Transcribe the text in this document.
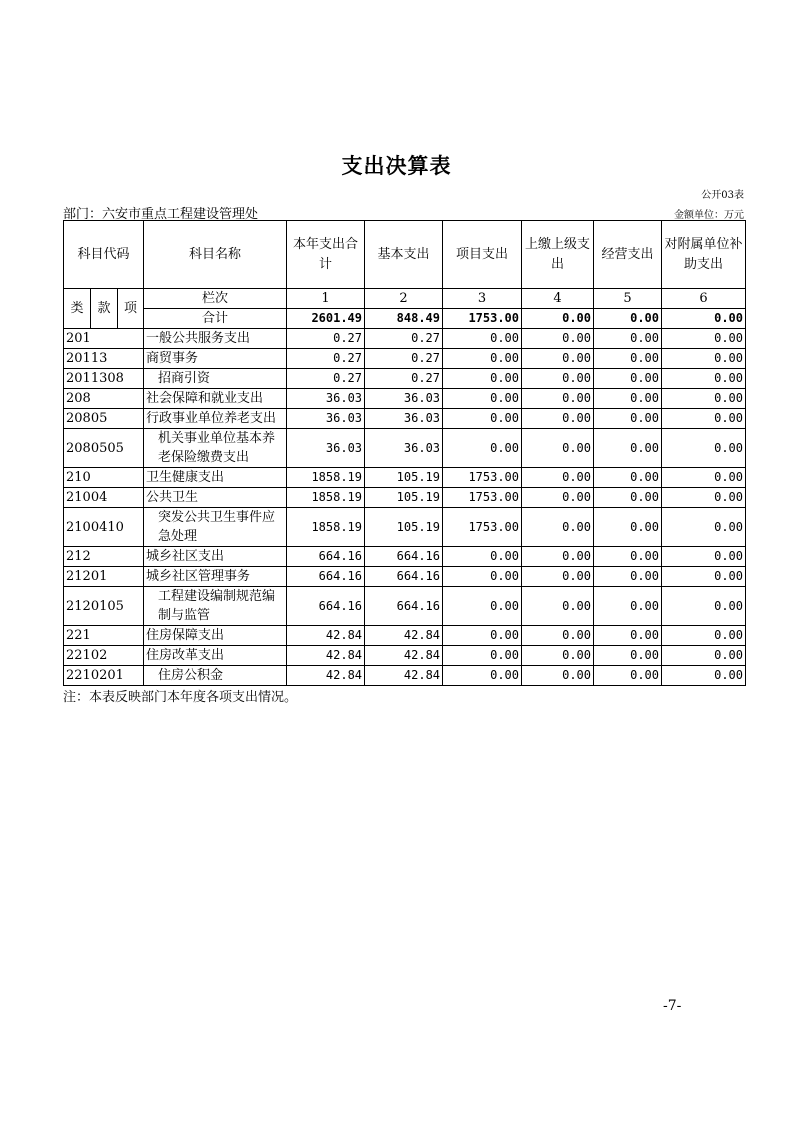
支出决算表
公开03表
部门：六安市重点工程建设管理处	金额单位：万元
科目代码			科目名称	本年支出合计	基本支出	项目支出	上缴上级支出	经营支出	对附属单位补助支出
类	款	项	栏次	1	2	3	4	5	6
			合计	2601.49	848.49	1753.00	0.00	0.00	0.00
201			一般公共服务支出	0.27	0.27	0.00	0.00	0.00	0.00
20113			商贸事务	0.27	0.27	0.00	0.00	0.00	0.00
2011308			招商引资	0.27	0.27	0.00	0.00	0.00	0.00
208			社会保障和就业支出	36.03	36.03	0.00	0.00	0.00	0.00
20805			行政事业单位养老支出	36.03	36.03	0.00	0.00	0.00	0.00
2080505			机关事业单位基本养老保险缴费支出	36.03	36.03	0.00	0.00	0.00	0.00
210			卫生健康支出	1858.19	105.19	1753.00	0.00	0.00	0.00
21004			公共卫生	1858.19	105.19	1753.00	0.00	0.00	0.00
2100410			突发公共卫生事件应急处理	1858.19	105.19	1753.00	0.00	0.00	0.00
212			城乡社区支出	664.16	664.16	0.00	0.00	0.00	0.00
21201			城乡社区管理事务	664.16	664.16	0.00	0.00	0.00	0.00
2120105			工程建设编制规范编制与监管	664.16	664.16	0.00	0.00	0.00	0.00
221			住房保障支出	42.84	42.84	0.00	0.00	0.00	0.00
22102			住房改革支出	42.84	42.84	0.00	0.00	0.00	0.00
2210201			住房公积金	42.84	42.84	0.00	0.00	0.00	0.00
注：本表反映部门本年度各项支出情况。
-7-
